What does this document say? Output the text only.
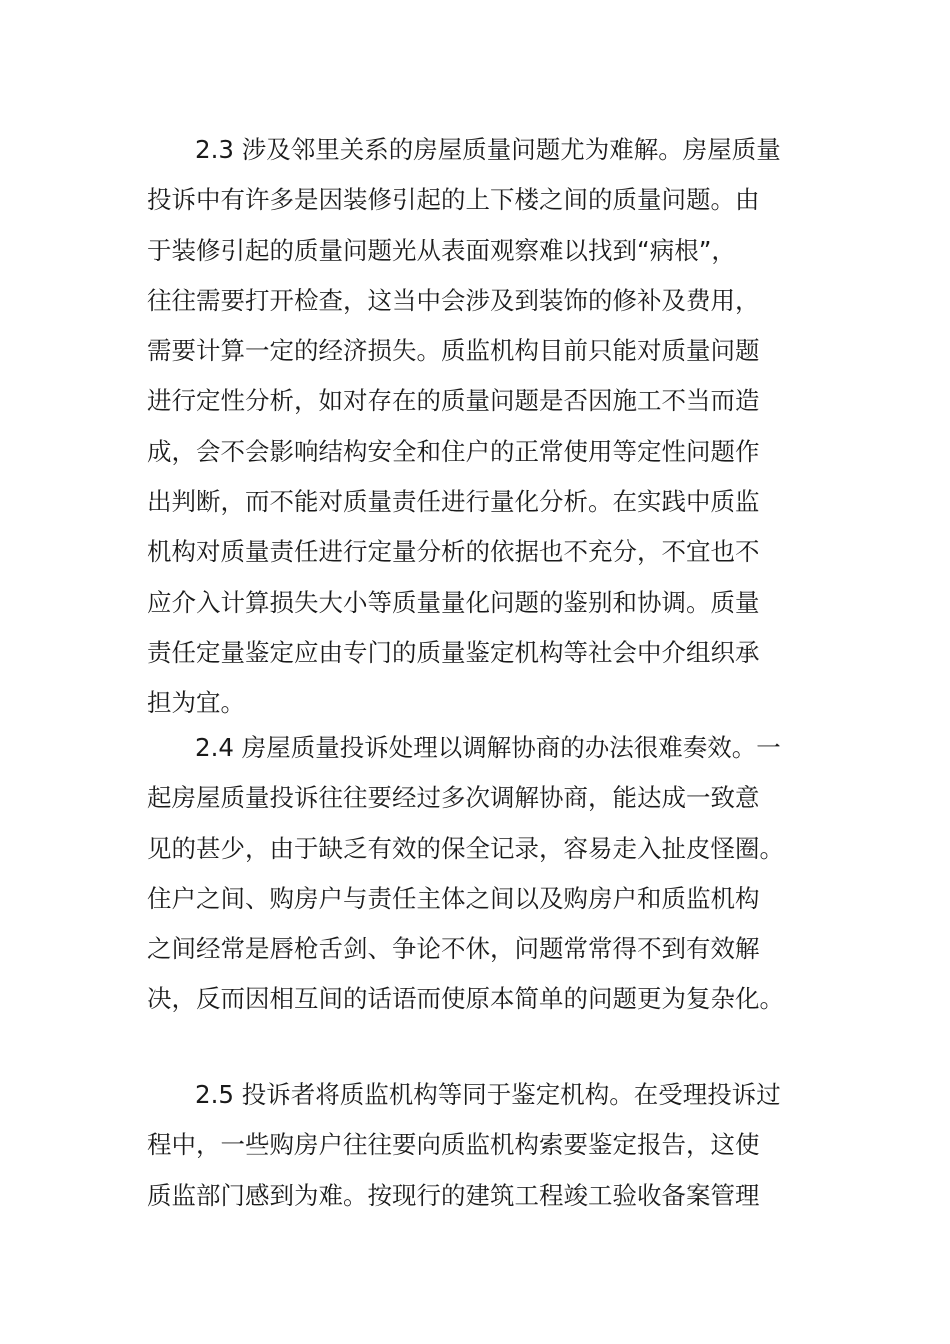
2.3 涉及邻里关系的房屋质量问题尤为难解。房屋质量
投诉中有许多是因装修引起的上下楼之间的质量问题。由
于装修引起的质量问题光从表面观察难以找到“病根”，
往往需要打开检查，这当中会涉及到装饰的修补及费用，
需要计算一定的经济损失。质监机构目前只能对质量问题
进行定性分析，如对存在的质量问题是否因施工不当而造
成，会不会影响结构安全和住户的正常使用等定性问题作
出判断，而不能对质量责任进行量化分析。在实践中质监
机构对质量责任进行定量分析的依据也不充分，不宜也不
应介入计算损失大小等质量量化问题的鉴别和协调。质量
责任定量鉴定应由专门的质量鉴定机构等社会中介组织承
担为宜。
2.4 房屋质量投诉处理以调解协商的办法很难奏效。一
起房屋质量投诉往往要经过多次调解协商，能达成一致意
见的甚少，由于缺乏有效的保全记录，容易走入扯皮怪圈。
住户之间、购房户与责任主体之间以及购房户和质监机构
之间经常是唇枪舌剑、争论不休，问题常常得不到有效解
决，反而因相互间的话语而使原本简单的问题更为复杂化。
2.5 投诉者将质监机构等同于鉴定机构。在受理投诉过
程中，一些购房户往往要向质监机构索要鉴定报告，这使
质监部门感到为难。按现行的建筑工程竣工验收备案管理
